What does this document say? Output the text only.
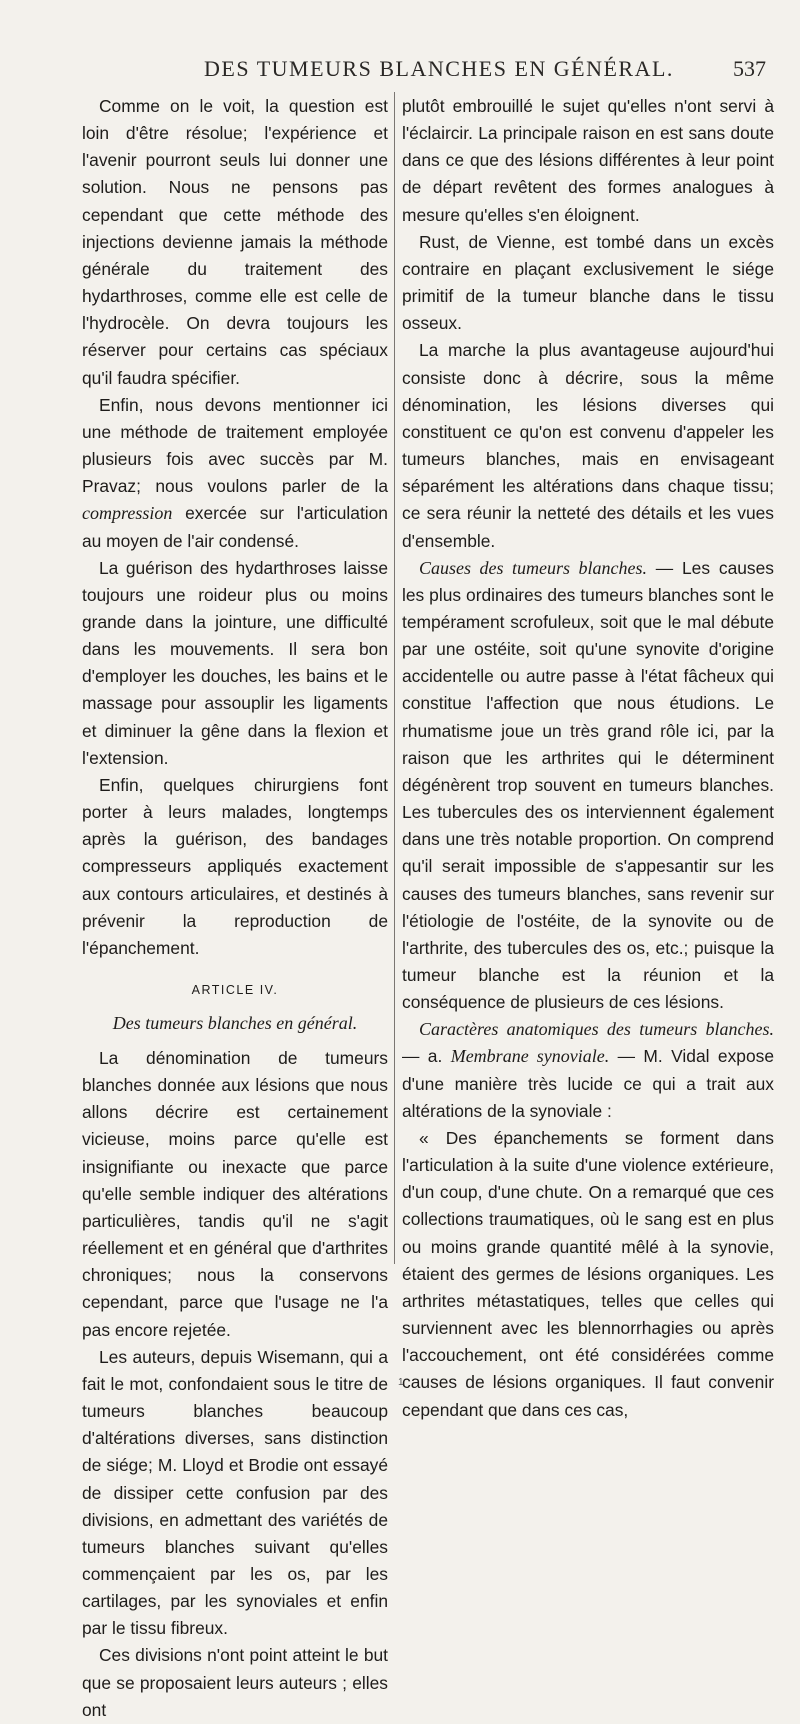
DES TUMEURS BLANCHES EN GÉNÉRAL.	537

Comme on le voit, la question est loin d'être résolue; l'expérience et l'avenir pourront seuls lui donner une solution. Nous ne pensons pas cependant que cette méthode des injections devienne jamais la méthode générale du traitement des hydarthroses, comme elle est celle de l'hydrocèle. On devra toujours les réserver pour certains cas spéciaux qu'il faudra spécifier.

Enfin, nous devons mentionner ici une méthode de traitement employée plusieurs fois avec succès par M. Pravaz; nous voulons parler de la compression exercée sur l'articulation au moyen de l'air condensé.

La guérison des hydarthroses laisse toujours une roideur plus ou moins grande dans la jointure, une difficulté dans les mouvements. Il sera bon d'employer les douches, les bains et le massage pour assouplir les ligaments et diminuer la gêne dans la flexion et l'extension.

Enfin, quelques chirurgiens font porter à leurs malades, longtemps après la guérison, des bandages compresseurs appliqués exactement aux contours articulaires, et destinés à prévenir la reproduction de l'épanchement.

ARTICLE IV.
Des tumeurs blanches en général.

La dénomination de tumeurs blanches donnée aux lésions que nous allons décrire est certainement vicieuse, moins parce qu'elle est insignifiante ou inexacte que parce qu'elle semble indiquer des altérations particulières, tandis qu'il ne s'agit réellement et en général que d'arthrites chroniques; nous la conservons cependant, parce que l'usage ne l'a pas encore rejetée.

Les auteurs, depuis Wisemann, qui a fait le mot, confondaient sous le titre de tumeurs blanches beaucoup d'altérations diverses, sans distinction de siége; M. Lloyd et Brodie ont essayé de dissiper cette confusion par des divisions, en admettant des variétés de tumeurs blanches suivant qu'elles commençaient par les os, par les cartilages, par les synoviales et enfin par le tissu fibreux.

Ces divisions n'ont point atteint le but que se proposaient leurs auteurs ; elles ont

plutôt embrouillé le sujet qu'elles n'ont servi à l'éclaircir. La principale raison en est sans doute dans ce que des lésions différentes à leur point de départ revêtent des formes analogues à mesure qu'elles s'en éloignent.

Rust, de Vienne, est tombé dans un excès contraire en plaçant exclusivement le siége primitif de la tumeur blanche dans le tissu osseux.

La marche la plus avantageuse aujourd'hui consiste donc à décrire, sous la même dénomination, les lésions diverses qui constituent ce qu'on est convenu d'appeler les tumeurs blanches, mais en envisageant séparément les altérations dans chaque tissu; ce sera réunir la netteté des détails et les vues d'ensemble.

Causes des tumeurs blanches. — Les causes les plus ordinaires des tumeurs blanches sont le tempérament scrofuleux, soit que le mal débute par une ostéite, soit qu'une synovite d'origine accidentelle ou autre passe à l'état fâcheux qui constitue l'affection que nous étudions. Le rhumatisme joue un très grand rôle ici, par la raison que les arthrites qui le déterminent dégénèrent trop souvent en tumeurs blanches. Les tubercules des os interviennent également dans une très notable proportion. On comprend qu'il serait impossible de s'appesantir sur les causes des tumeurs blanches, sans revenir sur l'étiologie de l'ostéite, de la synovite ou de l'arthrite, des tubercules des os, etc.; puisque la tumeur blanche est la réunion et la conséquence de plusieurs de ces lésions.

Caractères anatomiques des tumeurs blanches. — a. Membrane synoviale. — M. Vidal expose d'une manière très lucide ce qui a trait aux altérations de la synoviale :

« Des épanchements se forment dans l'articulation à la suite d'une violence extérieure, d'un coup, d'une chute. On a remarqué que ces collections traumatiques, où le sang est en plus ou moins grande quantité mêlé à la synovie, étaient des germes de lésions organiques. Les arthrites métastatiques, telles que celles qui surviennent avec les blennorrhagies ou après l'accouchement, ont été considérées comme causes de lésions organiques. Il faut convenir cependant que dans ces cas,

1
